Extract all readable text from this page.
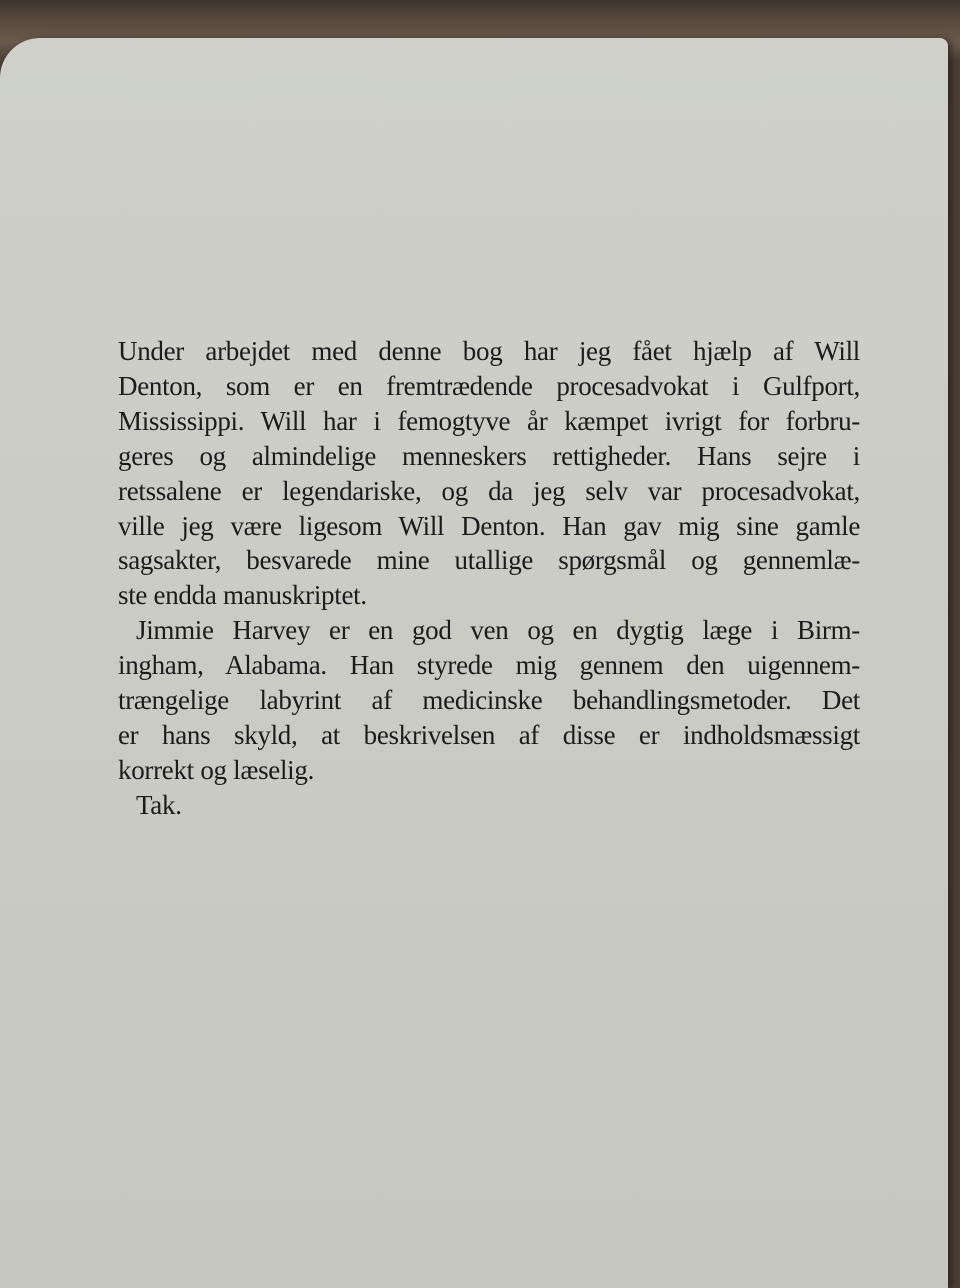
Under arbejdet med denne bog har jeg fået hjælp af Will
Denton, som er en fremtrædende procesadvokat i Gulfport,
Mississippi. Will har i femogtyve år kæmpet ivrigt for forbru-
geres og almindelige menneskers rettigheder. Hans sejre i
retssalene er legendariske, og da jeg selv var procesadvokat,
ville jeg være ligesom Will Denton. Han gav mig sine gamle
sagsakter, besvarede mine utallige spørgsmål og gennemlæ-
ste endda manuskriptet.
Jimmie Harvey er en god ven og en dygtig læge i Birm-
ingham, Alabama. Han styrede mig gennem den uigennem-
trængelige labyrint af medicinske behandlingsmetoder. Det
er hans skyld, at beskrivelsen af disse er indholdsmæssigt
korrekt og læselig.
Tak.
